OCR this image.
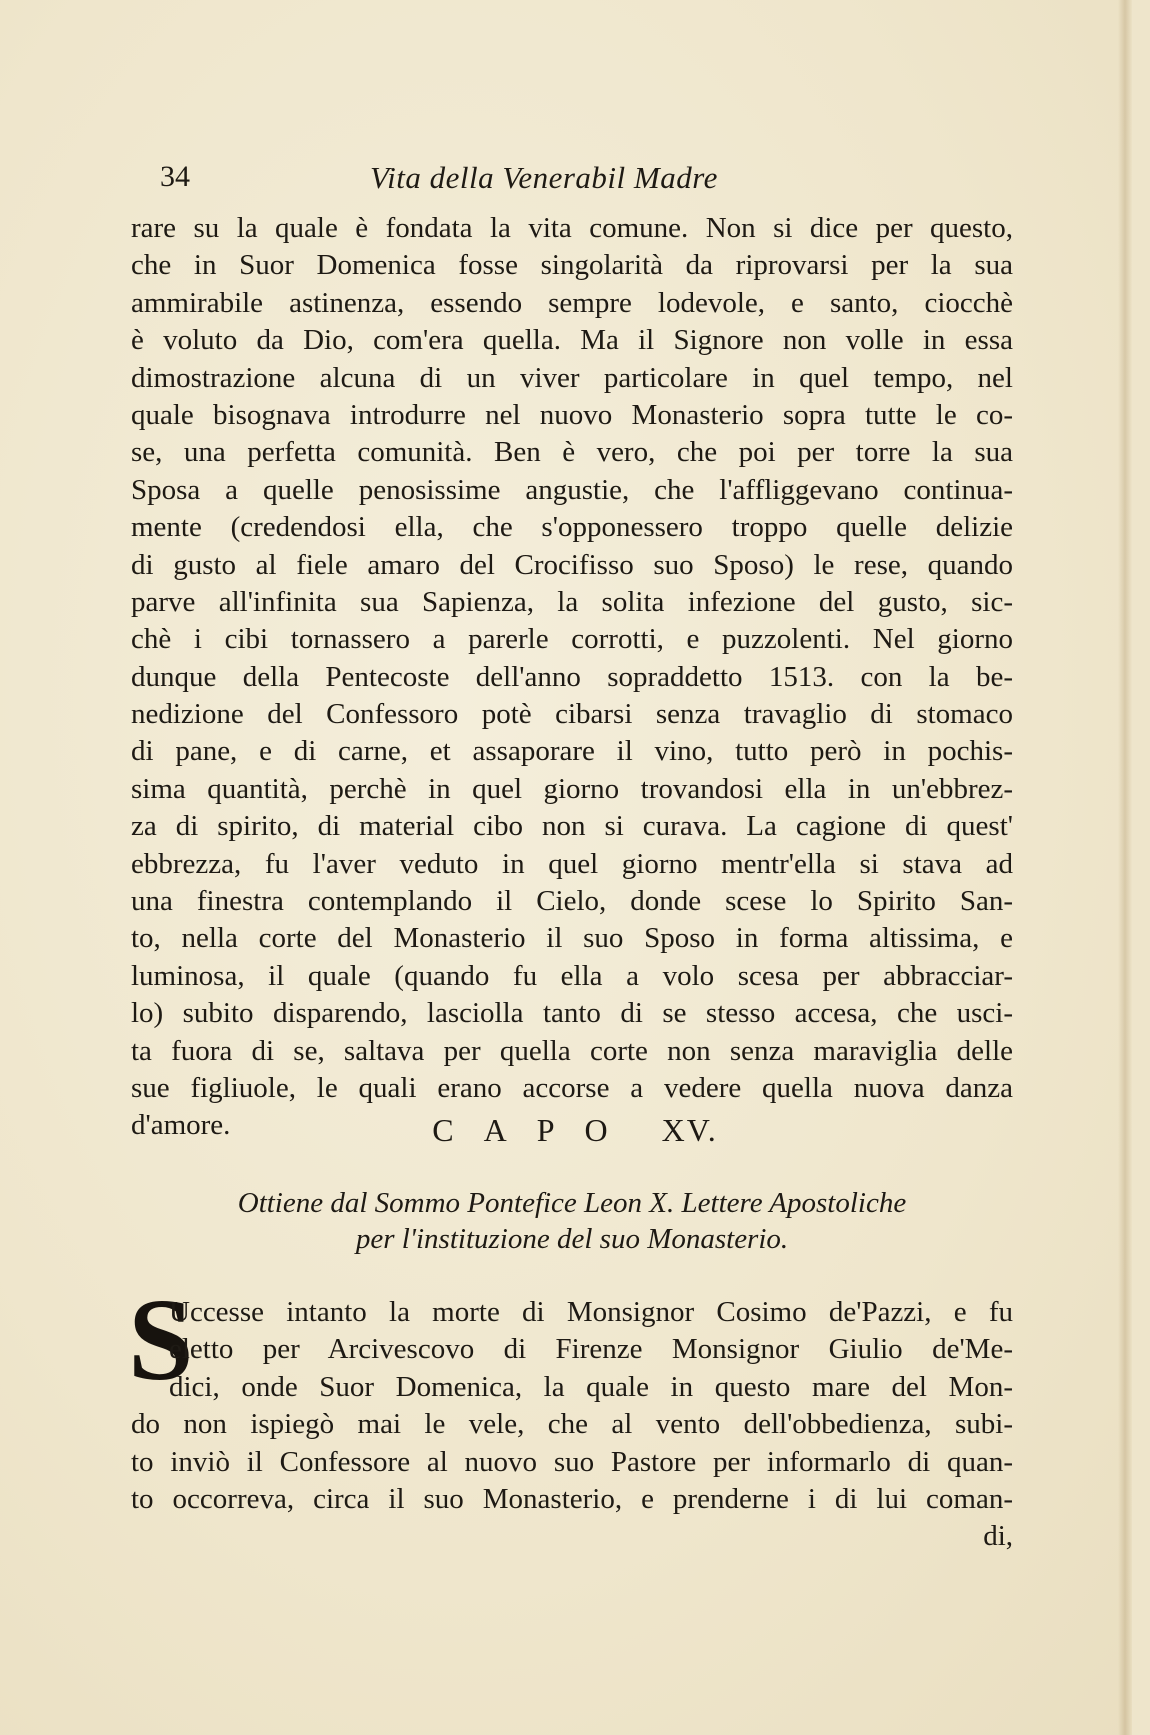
34	Vita della Venerabil Madre
rare su la quale è fondata la vita comune. Non si dice per questo,
che in Suor Domenica fosse singolarità da riprovarsi per la sua
ammirabile astinenza, essendo sempre lodevole, e santo, ciocchè
è voluto da Dio, com'era quella. Ma il Signore non volle in essa
dimostrazione alcuna di un viver particolare in quel tempo, nel
quale bisognava introdurre nel nuovo Monasterio sopra tutte le co-
se, una perfetta comunità. Ben è vero, che poi per torre la sua
Sposa a quelle penosissime angustie, che l'affliggevano continua-
mente (credendosi ella, che s'opponessero troppo quelle delizie
di gusto al fiele amaro del Crocifisso suo Sposo) le rese, quando
parve all'infinita sua Sapienza, la solita infezione del gusto, sic-
chè i cibi tornassero a parerle corrotti, e puzzolenti. Nel giorno
dunque della Pentecoste dell'anno sopraddetto 1513. con la be-
nedizione del Confessoro potè cibarsi senza travaglio di stomaco
di pane, e di carne, et assaporare il vino, tutto però in pochis-
sima quantità, perchè in quel giorno trovandosi ella in un'ebbrez-
za di spirito, di material cibo non si curava. La cagione di quest'
ebbrezza, fu l'aver veduto in quel giorno mentr'ella si stava ad
una finestra contemplando il Cielo, donde scese lo Spirito San-
to, nella corte del Monasterio il suo Sposo in forma altissima, e
luminosa, il quale (quando fu ella a volo scesa per abbracciar-
lo) subito disparendo, lasciolla tanto di se stesso accesa, che usci-
ta fuora di se, saltava per quella corte non senza maraviglia delle
sue figliuole, le quali erano accorse a vedere quella nuova danza
d'amore.	CAPO XV.
Ottiene dal Sommo Pontefice Leon X. Lettere Apostoliche
per l'instituzione del suo Monasterio.
S
Uccesse intanto la morte di Monsignor Cosimo de'Pazzi, e fu
eletto per Arcivescovo di Firenze Monsignor Giulio de'Me-
dici, onde Suor Domenica, la quale in questo mare del Mon-
do non ispiegò mai le vele, che al vento dell'obbedienza, subi-
to inviò il Confessore al nuovo suo Pastore per informarlo di quan-
to occorreva, circa il suo Monasterio, e prenderne i di lui coman-
di,
